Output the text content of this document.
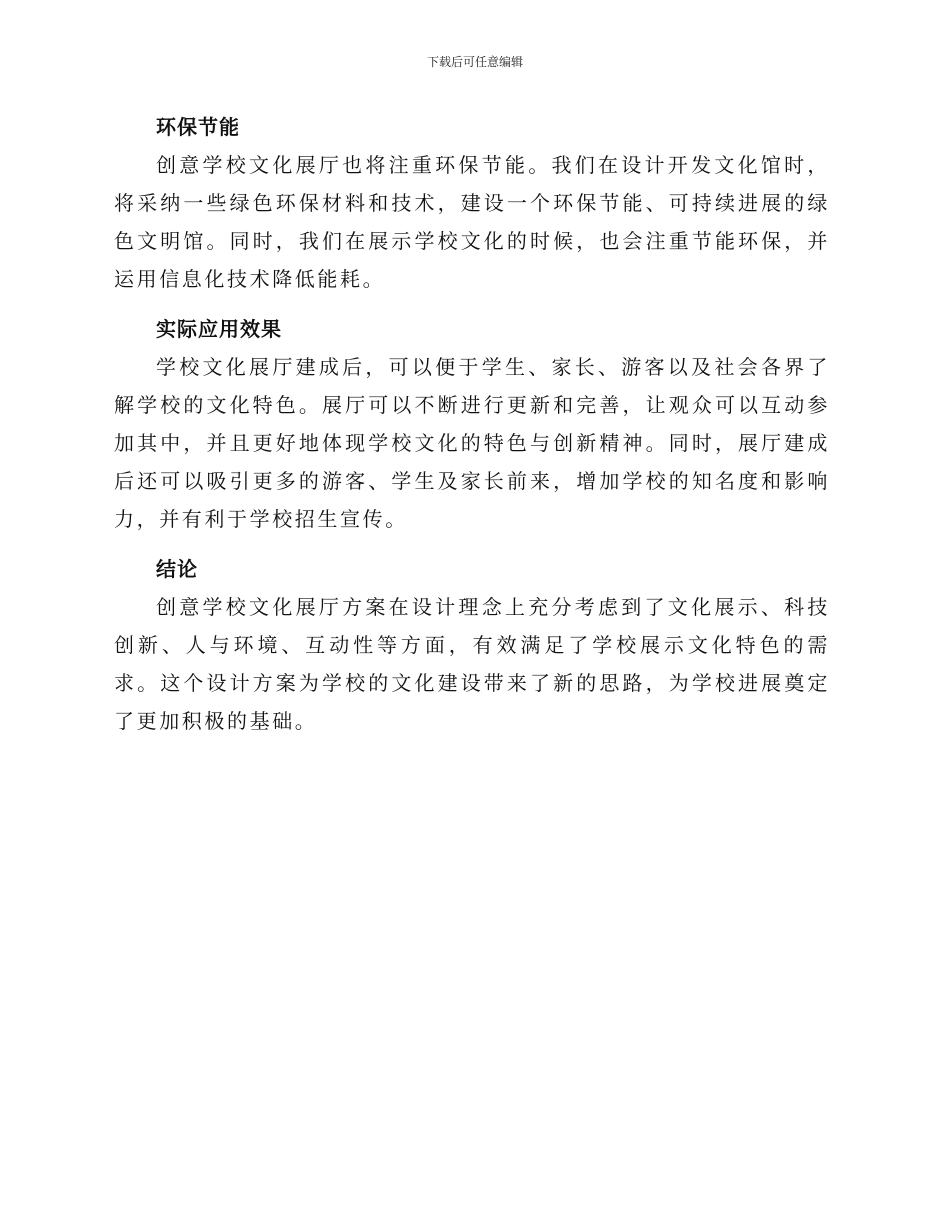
下载后可任意编辑
环保节能

创意学校文化展厅也将注重环保节能。我们在设计开发文化馆时，将采纳一些绿色环保材料和技术，建设一个环保节能、可持续进展的绿色文明馆。同时，我们在展示学校文化的时候，也会注重节能环保，并运用信息化技术降低能耗。

实际应用效果

学校文化展厅建成后，可以便于学生、家长、游客以及社会各界了解学校的文化特色。展厅可以不断进行更新和完善，让观众可以互动参加其中，并且更好地体现学校文化的特色与创新精神。同时，展厅建成后还可以吸引更多的游客、学生及家长前来，增加学校的知名度和影响力，并有利于学校招生宣传。

结论

创意学校文化展厅方案在设计理念上充分考虑到了文化展示、科技创新、人与环境、互动性等方面，有效满足了学校展示文化特色的需求。这个设计方案为学校的文化建设带来了新的思路，为学校进展奠定了更加积极的基础。
